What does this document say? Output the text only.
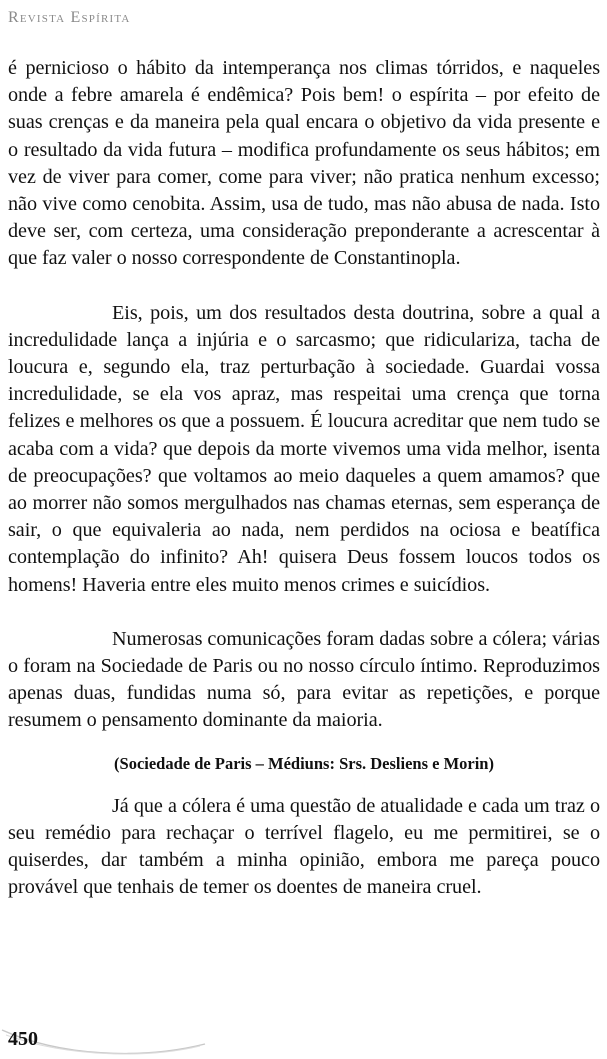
Revista Espírita

é pernicioso o hábito da intemperança nos climas tórridos, e naqueles onde a febre amarela é endêmica? Pois bem! o espírita – por efeito de suas crenças e da maneira pela qual encara o objetivo da vida presente e o resultado da vida futura – modifica profundamente os seus hábitos; em vez de viver para comer, come para viver; não pratica nenhum excesso; não vive como cenobita. Assim, usa de tudo, mas não abusa de nada. Isto deve ser, com certeza, uma consideração preponderante a acrescentar à que faz valer o nosso correspondente de Constantinopla.

Eis, pois, um dos resultados desta doutrina, sobre a qual a incredulidade lança a injúria e o sarcasmo; que ridiculariza, tacha de loucura e, segundo ela, traz perturbação à sociedade. Guardai vossa incredulidade, se ela vos apraz, mas respeitai uma crença que torna felizes e melhores os que a possuem. É loucura acreditar que nem tudo se acaba com a vida? que depois da morte vivemos uma vida melhor, isenta de preocupações? que voltamos ao meio daqueles a quem amamos? que ao morrer não somos mergulhados nas chamas eternas, sem esperança de sair, o que equivaleria ao nada, nem perdidos na ociosa e beatífica contemplação do infinito? Ah! quisera Deus fossem loucos todos os homens! Haveria entre eles muito menos crimes e suicídios.

Numerosas comunicações foram dadas sobre a cólera; várias o foram na Sociedade de Paris ou no nosso círculo íntimo. Reproduzimos apenas duas, fundidas numa só, para evitar as repetições, e porque resumem o pensamento dominante da maioria.

(Sociedade de Paris – Médiuns: Srs. Desliens e Morin)

Já que a cólera é uma questão de atualidade e cada um traz o seu remédio para rechaçar o terrível flagelo, eu me permitirei, se o quiserdes, dar também a minha opinião, embora me pareça pouco provável que tenhais de temer os doentes de maneira cruel.

450
